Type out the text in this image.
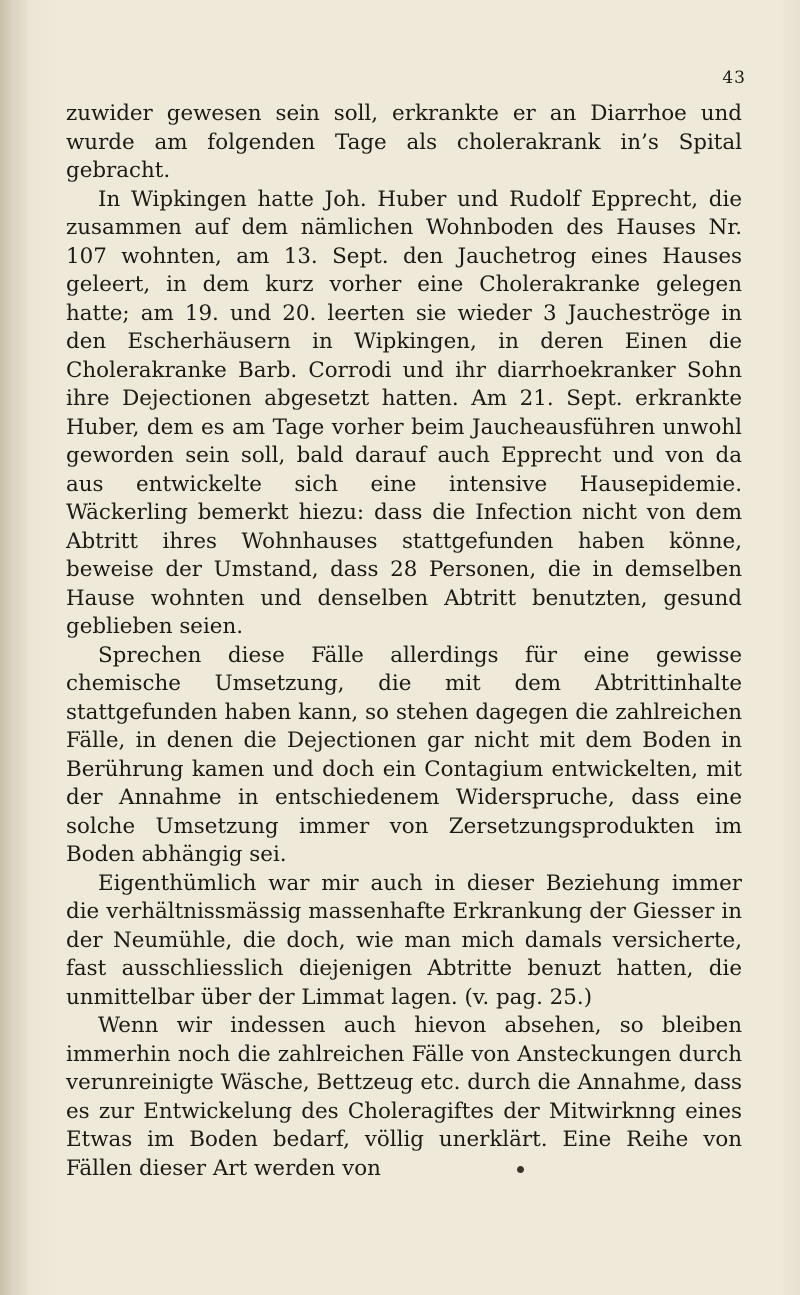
43

zuwider gewesen sein soll, erkrankte er an Diarrhoe und wurde am folgenden Tage als cholerakrank in’s Spital gebracht.

In Wipkingen hatte Joh. Huber und Rudolf Epprecht, die zusammen auf dem nämlichen Wohnboden des Hauses Nr. 107 wohnten, am 13. Sept. den Jauchetrog eines Hauses geleert, in dem kurz vorher eine Cholerakranke gelegen hatte; am 19. und 20. leerten sie wieder 3 Jaucheströge in den Escherhäusern in Wipkingen, in deren Einen die Cholerakranke Barb. Corrodi und ihr diarrhoekranker Sohn ihre Dejectionen abgesetzt hatten. Am 21. Sept. erkrankte Huber, dem es am Tage vorher beim Jaucheausführen unwohl geworden sein soll, bald darauf auch Epprecht und von da aus entwickelte sich eine intensive Hausepidemie. Wäckerling bemerkt hiezu: dass die Infection nicht von dem Abtritt ihres Wohnhauses stattgefunden haben könne, beweise der Umstand, dass 28 Personen, die in demselben Hause wohnten und denselben Abtritt benutzten, gesund geblieben seien.

Sprechen diese Fälle allerdings für eine gewisse chemische Umsetzung, die mit dem Abtrittinhalte stattgefunden haben kann, so stehen dagegen die zahlreichen Fälle, in denen die Dejectionen gar nicht mit dem Boden in Berührung kamen und doch ein Contagium entwickelten, mit der Annahme in entschiedenem Widerspruche, dass eine solche Umsetzung immer von Zersetzungsprodukten im Boden abhängig sei.

Eigenthümlich war mir auch in dieser Beziehung immer die verhältnissmässig massenhafte Erkrankung der Giesser in der Neumühle, die doch, wie man mich damals versicherte, fast ausschliesslich diejenigen Abtritte benuzt hatten, die unmittelbar über der Limmat lagen. (v. pag. 25.)

Wenn wir indessen auch hievon absehen, so bleiben immerhin noch die zahlreichen Fälle von Ansteckungen durch verunreinigte Wäsche, Bettzeug etc. durch die Annahme, dass es zur Entwickelung des Choleragiftes der Mitwirknng eines Etwas im Boden bedarf, völlig unerklärt. Eine Reihe von Fällen dieser Art werden von
